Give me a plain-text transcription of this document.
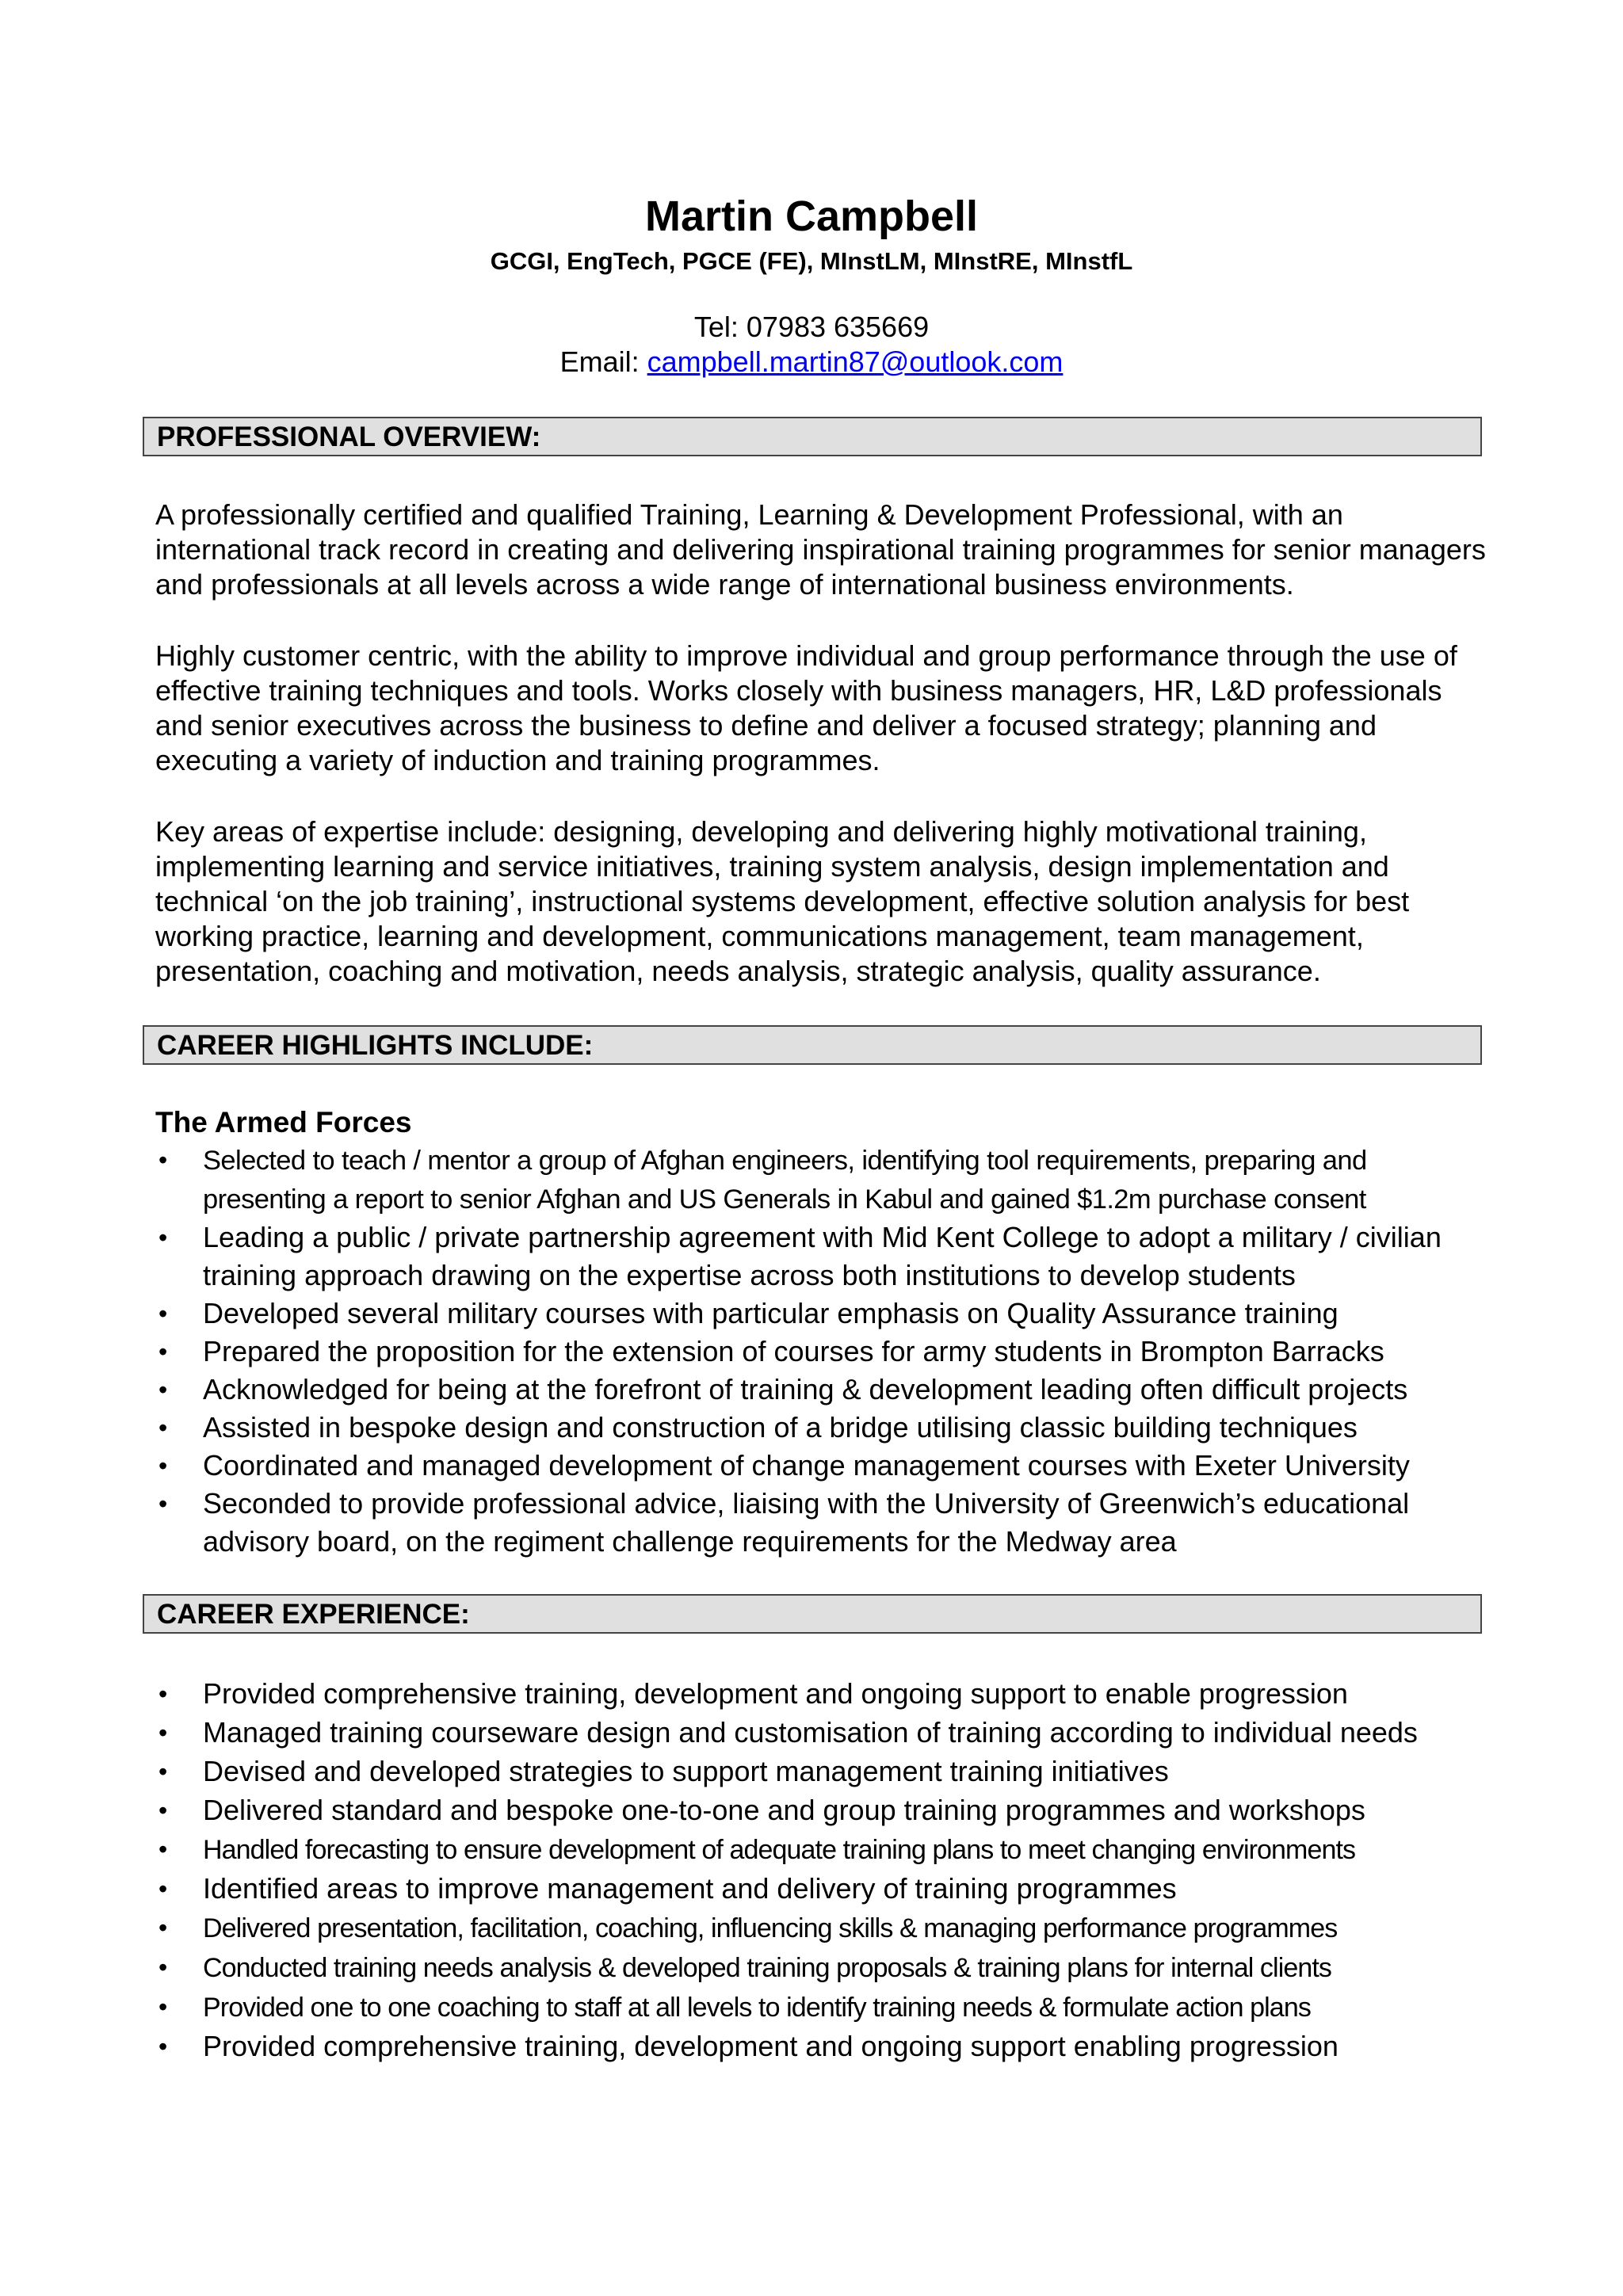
Martin Campbell
GCGI, EngTech, PGCE (FE), MInstLM, MInstRE, MInstfL
Tel: 07983 635669
Email: campbell.martin87@outlook.com
PROFESSIONAL OVERVIEW:

A professionally certified and qualified Training, Learning & Development Professional, with an international track record in creating and delivering inspirational training programmes for senior managers and professionals at all levels across a wide range of international business environments.

Highly customer centric, with the ability to improve individual and group performance through the use of effective training techniques and tools. Works closely with business managers, HR, L&D professionals and senior executives across the business to define and deliver a focused strategy; planning and executing a variety of induction and training programmes.

Key areas of expertise include: designing, developing and delivering highly motivational training, implementing learning and service initiatives, training system analysis, design implementation and technical ‘on the job training’, instructional systems development, effective solution analysis for best working practice, learning and development, communications management, team management, presentation, coaching and motivation, needs analysis, strategic analysis, quality assurance.

CAREER HIGHLIGHTS INCLUDE:
The Armed Forces
• Selected to teach / mentor a group of Afghan engineers, identifying tool requirements, preparing and presenting a report to senior Afghan and US Generals in Kabul and gained $1.2m purchase consent
• Leading a public / private partnership agreement with Mid Kent College to adopt a military / civilian training approach drawing on the expertise across both institutions to develop students
• Developed several military courses with particular emphasis on Quality Assurance training
• Prepared the proposition for the extension of courses for army students in Brompton Barracks
• Acknowledged for being at the forefront of training & development leading often difficult projects
• Assisted in bespoke design and construction of a bridge utilising classic building techniques
• Coordinated and managed development of change management courses with Exeter University
• Seconded to provide professional advice, liaising with the University of Greenwich’s educational advisory board, on the regiment challenge requirements for the Medway area
CAREER EXPERIENCE:
• Provided comprehensive training, development and ongoing support to enable progression
• Managed training courseware design and customisation of training according to individual needs
• Devised and developed strategies to support management training initiatives
• Delivered standard and bespoke one-to-one and group training programmes and workshops
• Handled forecasting to ensure development of adequate training plans to meet changing environments
• Identified areas to improve management and delivery of training programmes
• Delivered presentation, facilitation, coaching, influencing skills & managing performance programmes
• Conducted training needs analysis & developed training proposals & training plans for internal clients
• Provided one to one coaching to staff at all levels to identify training needs & formulate action plans
• Provided comprehensive training, development and ongoing support enabling progression
